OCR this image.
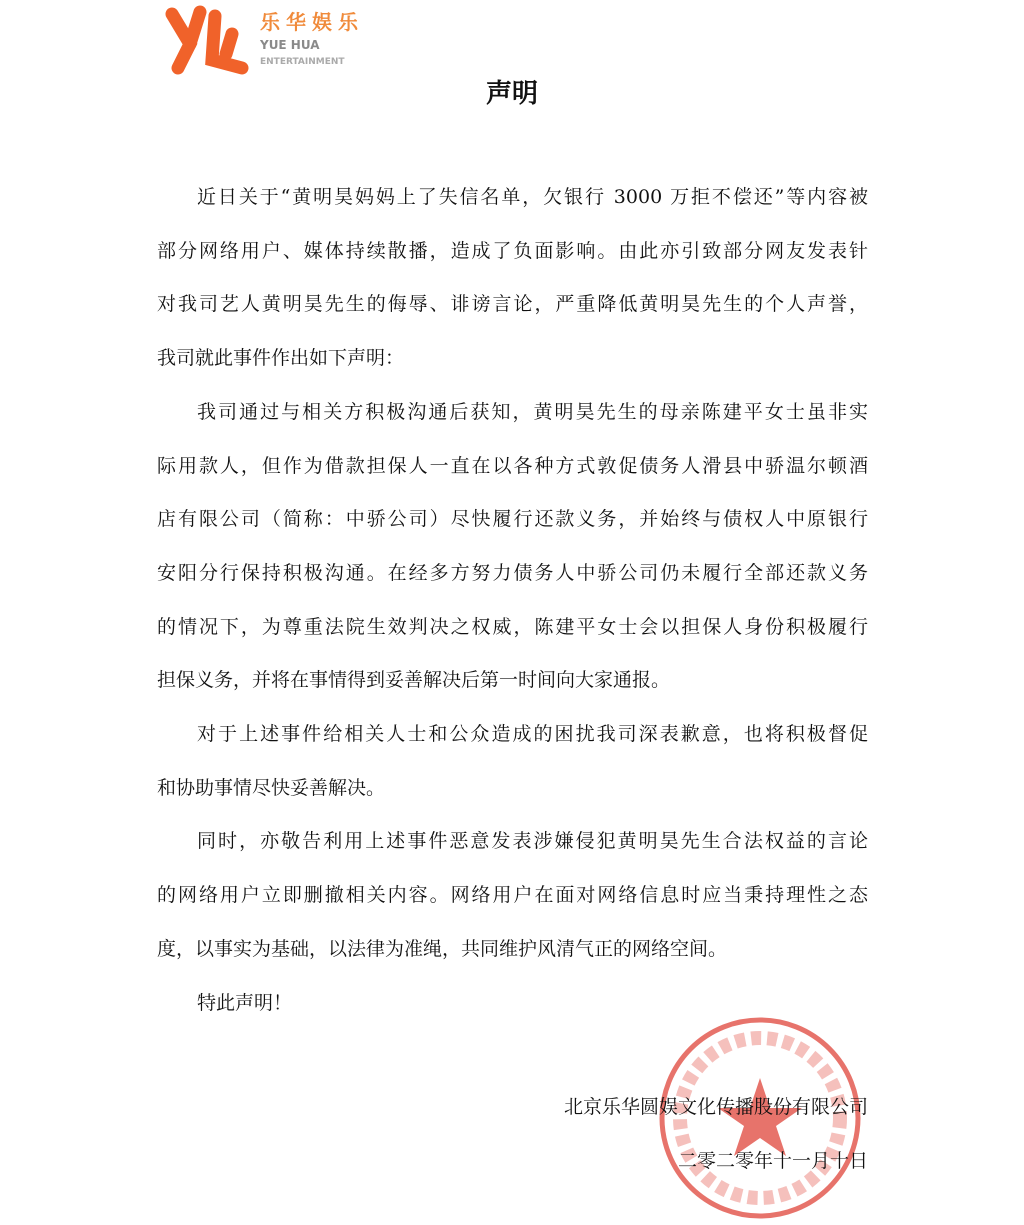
乐华娱乐
YUE HUA
ENTERTAINMENT
声明
近日关于“黄明昊妈妈上了失信名单，欠银行 3000 万拒不偿还”等内容被
部分网络用户、媒体持续散播，造成了负面影响。由此亦引致部分网友发表针
对我司艺人黄明昊先生的侮辱、诽谤言论，严重降低黄明昊先生的个人声誉，
我司就此事件作出如下声明：
我司通过与相关方积极沟通后获知，黄明昊先生的母亲陈建平女士虽非实
际用款人，但作为借款担保人一直在以各种方式敦促债务人滑县中骄温尔顿酒
店有限公司（简称：中骄公司）尽快履行还款义务，并始终与债权人中原银行
安阳分行保持积极沟通。在经多方努力债务人中骄公司仍未履行全部还款义务
的情况下，为尊重法院生效判决之权威，陈建平女士会以担保人身份积极履行
担保义务，并将在事情得到妥善解决后第一时间向大家通报。
对于上述事件给相关人士和公众造成的困扰我司深表歉意，也将积极督促
和协助事情尽快妥善解决。
同时，亦敬告利用上述事件恶意发表涉嫌侵犯黄明昊先生合法权益的言论
的网络用户立即删撤相关内容。网络用户在面对网络信息时应当秉持理性之态
度，以事实为基础，以法律为准绳，共同维护风清气正的网络空间。
特此声明！
北京乐华圆娱文化传播股份有限公司
二零二零年十一月十日
